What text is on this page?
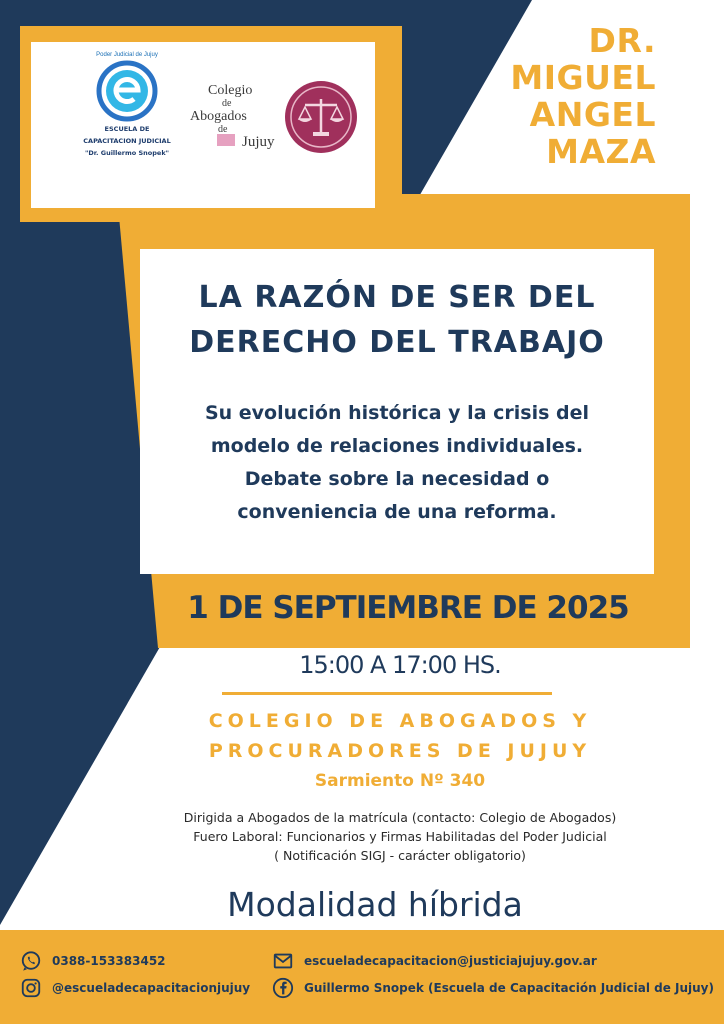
Poder Judicial de Jujuy
ESCUELA DE
CAPACITACION JUDICIAL
"Dr. Guillermo Snopek"
Colegio
de
Abogados
de
Jujuy
DR.
MIGUEL
ANGEL
MAZA
LA RAZÓN DE SER DEL
DERECHO DEL TRABAJO
Su evolución histórica y la crisis del
modelo de relaciones individuales.
Debate sobre la necesidad o
conveniencia de una reforma.
1 DE SEPTIEMBRE DE 2025
15:00 A 17:00 HS.
COLEGIO DE ABOGADOS Y
PROCURADORES DE JUJUY
Sarmiento Nº 340
Dirigida a Abogados de la matrícula (contacto: Colegio de Abogados)
Fuero Laboral: Funcionarios y Firmas Habilitadas del Poder Judicial
( Notificación SIGJ - carácter obligatorio)
Modalidad híbrida
0388-153383452
@escueladecapacitacionjujuy
escueladecapacitacion@justiciajujuy.gov.ar
Guillermo Snopek (Escuela de Capacitación Judicial de Jujuy)
